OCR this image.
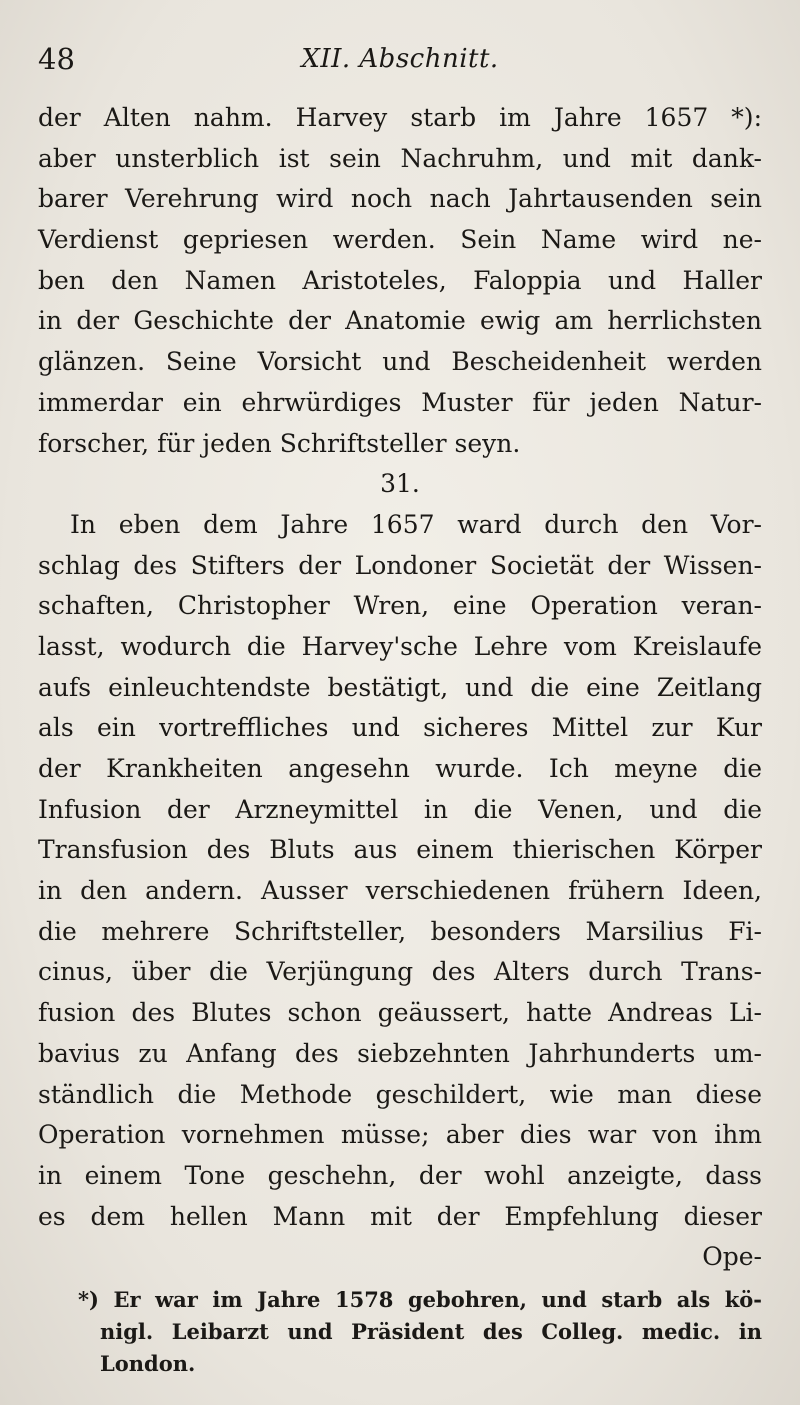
48	XII. Abschnitt.
der Alten nahm. Harvey starb im Jahre 1657 *):
aber unsterblich ist sein Nachruhm, und mit dank-
barer Verehrung wird noch nach Jahrtausenden sein
Verdienst gepriesen werden. Sein Name wird ne-
ben den Namen Aristoteles, Faloppia und Haller
in der Geschichte der Anatomie ewig am herrlichsten
glänzen. Seine Vorsicht und Bescheidenheit werden
immerdar ein ehrwürdiges Muster für jeden Natur-
forscher, für jeden Schriftsteller seyn.
31.
In eben dem Jahre 1657 ward durch den Vor-
schlag des Stifters der Londoner Societät der Wissen-
schaften, Christopher Wren, eine Operation veran-
lasst, wodurch die Harvey'sche Lehre vom Kreislaufe
aufs einleuchtendste bestätigt, und die eine Zeitlang
als ein vortreffliches und sicheres Mittel zur Kur
der Krankheiten angesehn wurde. Ich meyne die
Infusion der Arzneymittel in die Venen, und die
Transfusion des Bluts aus einem thierischen Körper
in den andern. Ausser verschiedenen frühern Ideen,
die mehrere Schriftsteller, besonders Marsilius Fi-
cinus, über die Verjüngung des Alters durch Trans-
fusion des Blutes schon geäussert, hatte Andreas Li-
bavius zu Anfang des siebzehnten Jahrhunderts um-
ständlich die Methode geschildert, wie man diese
Operation vornehmen müsse; aber dies war von ihm
in einem Tone geschehn, der wohl anzeigte, dass
es dem hellen Mann mit der Empfehlung dieser
Ope-
*) Er war im Jahre 1578 gebohren, und starb als kö-
nigl. Leibarzt und Präsident des Colleg. medic. in
London.
